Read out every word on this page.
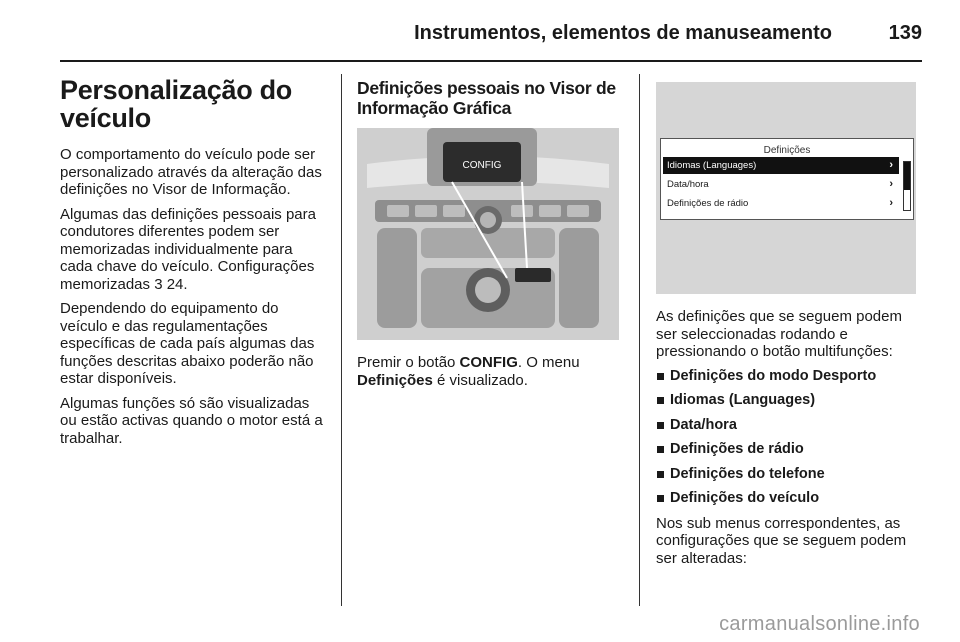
Instrumentos, elementos de manuseamento	139
Personalização do veículo

O comportamento do veículo pode ser personalizado através da alteração das definições no Visor de Informação.

Algumas das definições pessoais para condutores diferentes podem ser memorizadas individualmente para cada chave do veículo. Configurações memorizadas 3 24.

Dependendo do equipamento do veículo e das regulamentações específicas de cada país algumas das funções descritas abaixo poderão não estar disponíveis.

Algumas funções só são visualizadas ou estão activas quando o motor está a trabalhar.

Definições pessoais no Visor de Informação Gráfica
CONFIG

Premir o botão CONFIG. O menu Definições é visualizado.

Definições
Idiomas (Languages)	›
Data/hora	›
Definições de rádio	›

As definições que se seguem podem ser seleccionadas rodando e pressionando o botão multifunções:

Definições do modo Desporto
Idiomas (Languages)
Data/hora
Definições de rádio
Definições do telefone
Definições do veículo

Nos sub menus correspondentes, as configurações que se seguem podem ser alteradas:

carmanualsonline.info
